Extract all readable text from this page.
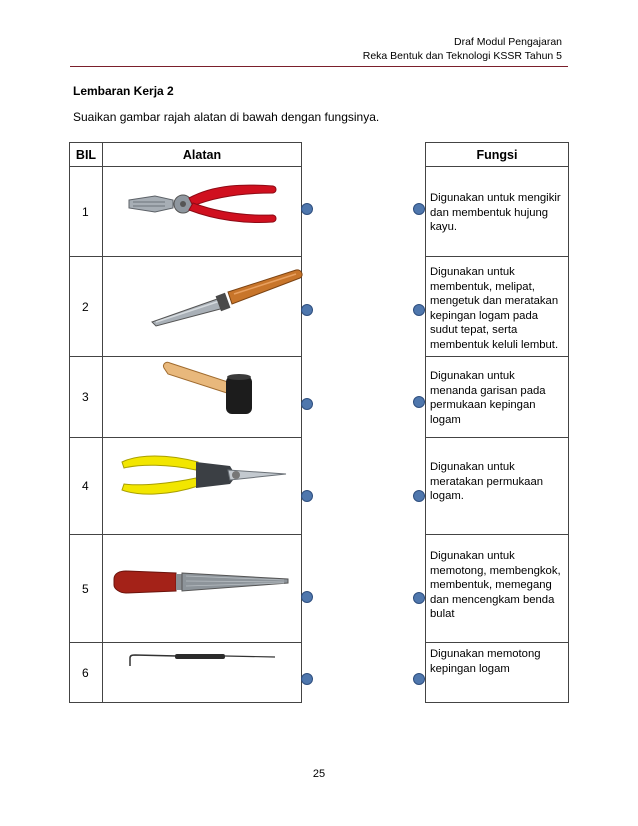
Draf Modul Pengajaran
Reka Bentuk dan Teknologi KSSR Tahun 5
Lembaran Kerja 2
Suaikan gambar rajah alatan di bawah dengan fungsinya.
BIL	Alatan
1
2
3
4
5
6
Fungsi
Digunakan untuk mengikir dan membentuk hujung kayu.
Digunakan untuk membentuk, melipat, mengetuk dan meratakan kepingan logam pada sudut tepat, serta membentuk keluli lembut.
Digunakan untuk menanda garisan pada permukaan kepingan logam
Digunakan untuk meratakan permukaan logam.
Digunakan untuk memotong, membengkok, membentuk, memegang dan mencengkam benda bulat
Digunakan memotong kepingan logam
25
